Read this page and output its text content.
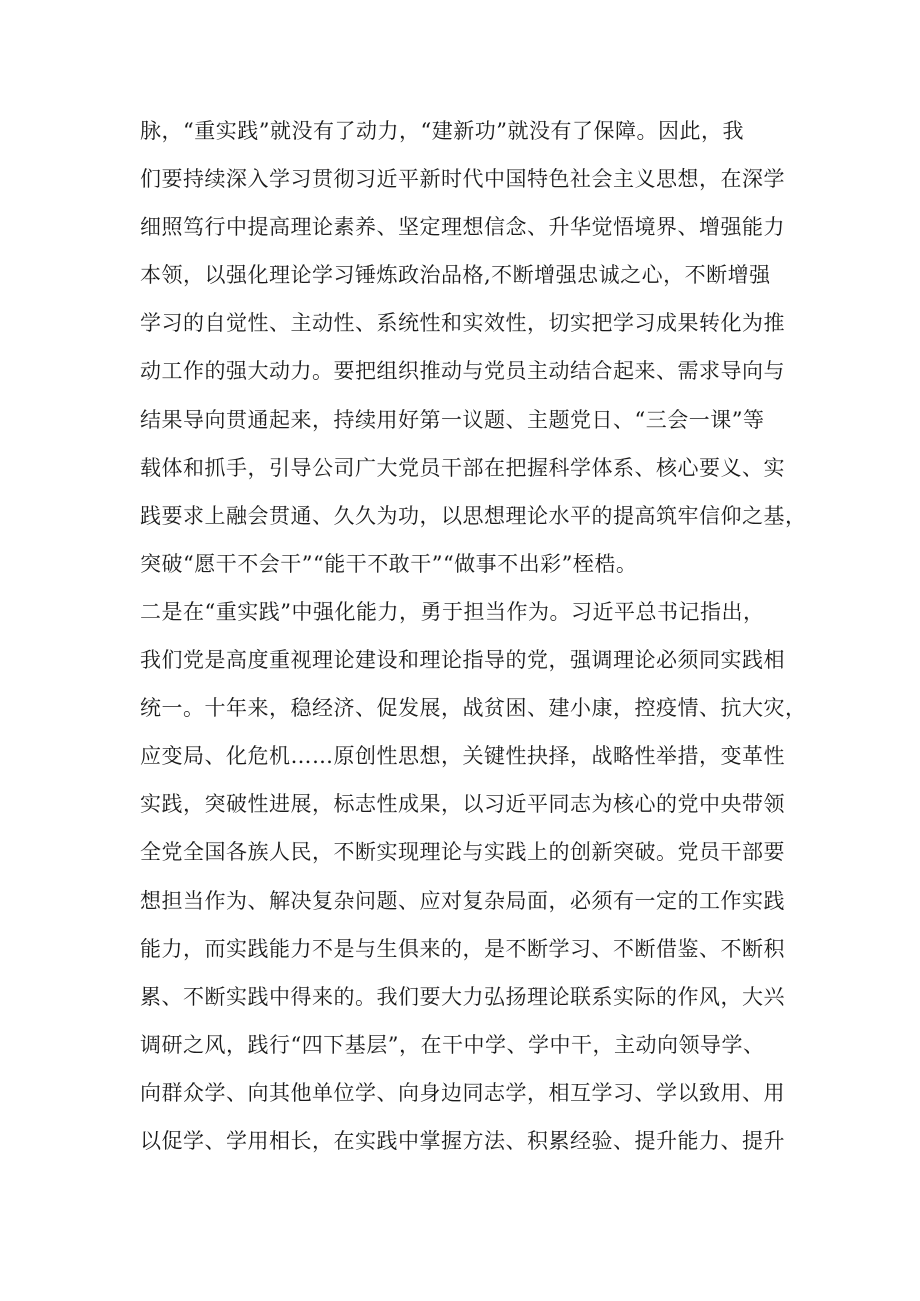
脉，“重实践”就没有了动力，“建新功”就没有了保障。因此，我
们要持续深入学习贯彻习近平新时代中国特色社会主义思想，在深学
细照笃行中提高理论素养、坚定理想信念、升华觉悟境界、增强能力
本领，以强化理论学习锤炼政治品格,不断增强忠诚之心，不断增强
学习的自觉性、主动性、系统性和实效性，切实把学习成果转化为推
动工作的强大动力。要把组织推动与党员主动结合起来、需求导向与
结果导向贯通起来，持续用好第一议题、主题党日、“三会一课”等
载体和抓手，引导公司广大党员干部在把握科学体系、核心要义、实
践要求上融会贯通、久久为功，以思想理论水平的提高筑牢信仰之基，
突破“愿干不会干”“能干不敢干”“做事不出彩”桎梏。
二是在“重实践”中强化能力，勇于担当作为。习近平总书记指出，
我们党是高度重视理论建设和理论指导的党，强调理论必须同实践相
统一。十年来，稳经济、促发展，战贫困、建小康，控疫情、抗大灾，
应变局、化危机……原创性思想，关键性抉择，战略性举措，变革性
实践，突破性进展，标志性成果，以习近平同志为核心的党中央带领
全党全国各族人民，不断实现理论与实践上的创新突破。党员干部要
想担当作为、解决复杂问题、应对复杂局面，必须有一定的工作实践
能力，而实践能力不是与生俱来的，是不断学习、不断借鉴、不断积
累、不断实践中得来的。我们要大力弘扬理论联系实际的作风，大兴
调研之风，践行“四下基层”，在干中学、学中干，主动向领导学、
向群众学、向其他单位学、向身边同志学，相互学习、学以致用、用
以促学、学用相长，在实践中掌握方法、积累经验、提升能力、提升
